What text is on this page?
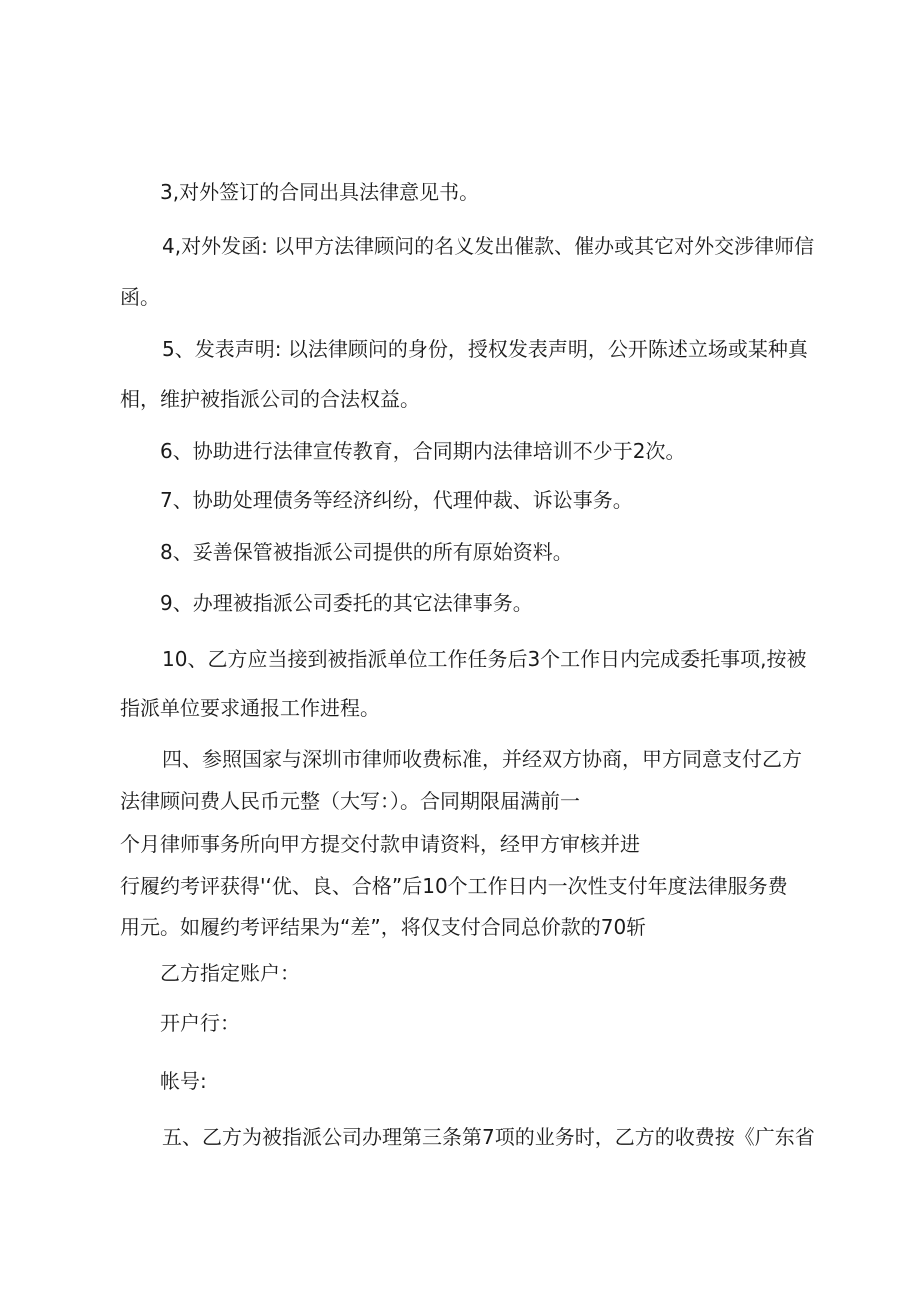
3,对外签订的合同出具法律意见书。
4,对外发函: 以甲方法律顾问的名义发出催款、催办或其它对外交涉律师信
函。
5、发表声明: 以法律顾问的身份，授权发表声明，公开陈述立场或某种真
相，维护被指派公司的合法权益。
6、协助进行法律宣传教育，合同期内法律培训不少于2次。
7、协助处理债务等经济纠纷，代理仲裁、诉讼事务。
8、妥善保管被指派公司提供的所有原始资料。
9、办理被指派公司委托的其它法律事务。
10、乙方应当接到被指派单位工作任务后3个工作日内完成委托事项,按被
指派单位要求通报工作进程。
四、参照国家与深圳市律师收费标准，并经双方协商，甲方同意支付乙方
法律顾问费人民币元整（大写：）。合同期限届满前一
个月律师事务所向甲方提交付款申请资料，经甲方审核并进
行履约考评获得'‘优、良、合格”后10个工作日内一次性支付年度法律服务费
用元。如履约考评结果为“差”，将仅支付合同总价款的70斩
乙方指定账户：
开户行：
帐号:
五、乙方为被指派公司办理第三条第7项的业务时，乙方的收费按《广东省
